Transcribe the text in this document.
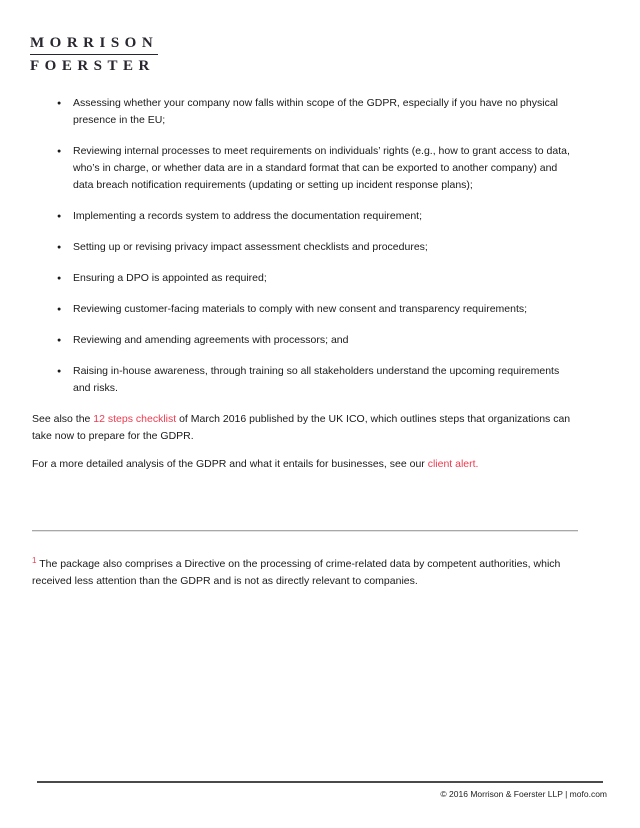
MORRISON
FOERSTER
●	Assessing whether your company now falls within scope of the GDPR, especially if you have no physical presence in the EU;
●	Reviewing internal processes to meet requirements on individuals’ rights (e.g., how to grant access to data, who’s in charge, or whether data are in a standard format that can be exported to another company) and data breach notification requirements (updating or setting up incident response plans);
●	Implementing a records system to address the documentation requirement;
●	Setting up or revising privacy impact assessment checklists and procedures;
●	Ensuring a DPO is appointed as required;
●	Reviewing customer-facing materials to comply with new consent and transparency requirements;
●	Reviewing and amending agreements with processors; and
●	Raising in-house awareness, through training so all stakeholders understand the upcoming requirements and risks.
See also the 12 steps checklist of March 2016 published by the UK ICO, which outlines steps that organizations can take now to prepare for the GDPR.
For a more detailed analysis of the GDPR and what it entails for businesses, see our client alert.
$^1$ The package also comprises a Directive on the processing of crime-related data by competent authorities, which received less attention than the GDPR and is not as directly relevant to companies.
© 2016 Morrison & Foerster LLP | mofo.com
